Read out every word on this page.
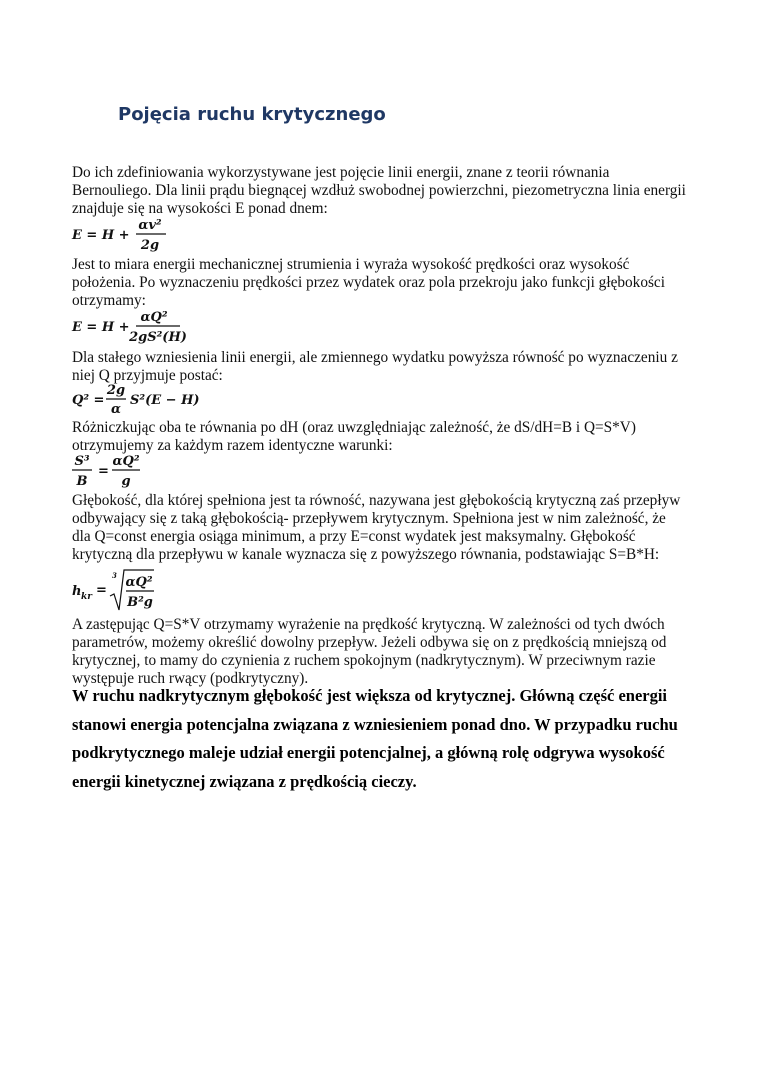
Pojęcia ruchu krytycznego
Do ich zdefiniowania wykorzystywane jest pojęcie linii energii, znane z teorii równania
Bernouliego. Dla linii prądu biegnącej wzdłuż swobodnej powierzchni, piezometryczna linia energii
znajduje się na wysokości E ponad dnem:
E = H +
αv²
2g
Jest to miara energii mechanicznej strumienia i wyraża wysokość prędkości oraz wysokość
położenia. Po wyznaczeniu prędkości przez wydatek oraz pola przekroju jako funkcji głębokości
otrzymamy:
E = H +
αQ²
2gS²(H)
Dla stałego wzniesienia linii energii, ale zmiennego wydatku powyższa równość po wyznaczeniu z
niej Q przyjmuje postać:
Q² =
2g
α
S²(E − H)
Różniczkując oba te równania po dH (oraz uwzględniając zależność, że dS/dH=B i Q=S*V)
otrzymujemy za każdym razem identyczne warunki:
S³
B
=
αQ²
g
Głębokość, dla której spełniona jest ta równość, nazywana jest głębokością krytyczną zaś przepływ
odbywający się z taką głębokością- przepływem krytycznym. Spełniona jest w nim zależność, że
dla Q=const energia osiąga minimum, a przy E=const wydatek jest maksymalny. Głębokość
krytyczną dla przepływu w kanale wyznacza się z powyższego równania, podstawiając S=B*H:
h kr =
3 αQ²
B²g
A zastępując Q=S*V otrzymamy wyrażenie na prędkość krytyczną. W zależności od tych dwóch
parametrów, możemy określić dowolny przepływ. Jeżeli odbywa się on z prędkością mniejszą od
krytycznej, to mamy do czynienia z ruchem spokojnym (nadkrytycznym). W przeciwnym razie
występuje ruch rwący (podkrytyczny).
W ruchu nadkrytycznym głębokość jest większa od krytycznej. Główną część energii
stanowi energia potencjalna związana z wzniesieniem ponad dno. W przypadku ruchu
podkrytycznego maleje udział energii potencjalnej, a główną rolę odgrywa wysokość
energii kinetycznej związana z prędkością cieczy.
